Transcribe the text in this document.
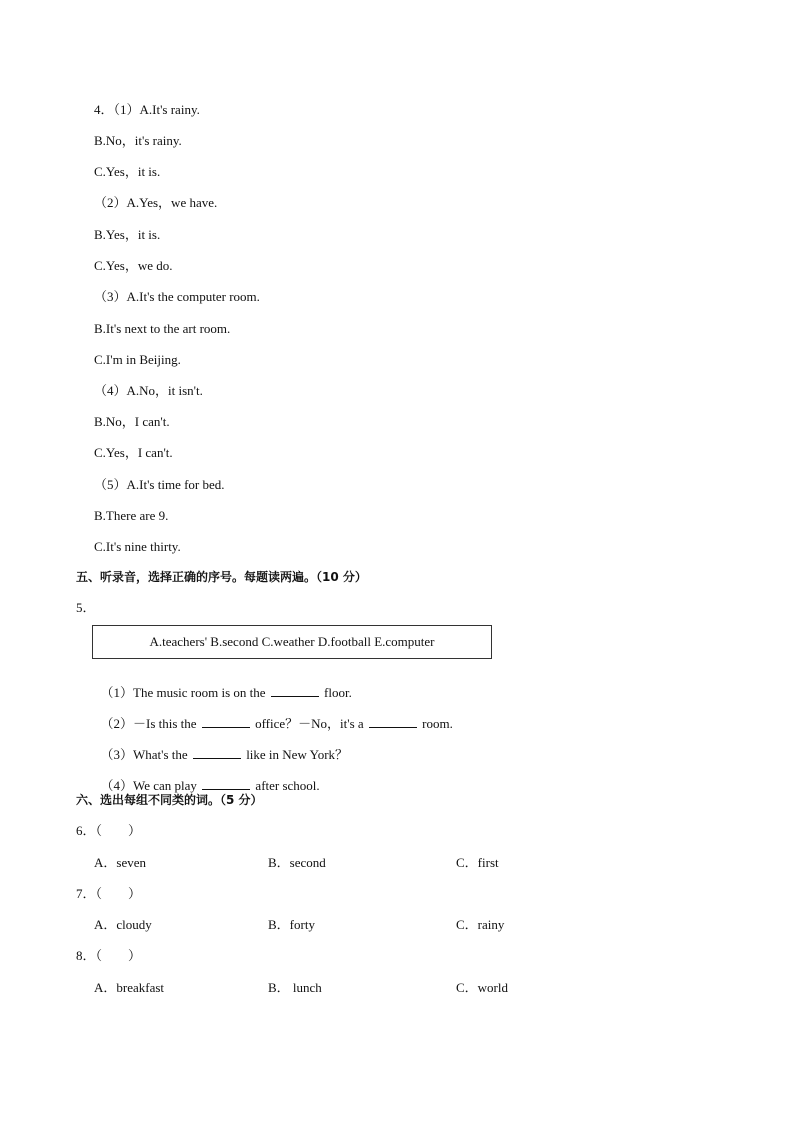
4．（1）A.It's rainy.
B.No，it's rainy.
C.Yes，it is.
（2）A.Yes，we have.
B.Yes，it is.
C.Yes，we do.
（3）A.It's the computer room.
B.It's next to the art room.
C.I'm in Beijing.
（4）A.No，it isn't.
B.No，I can't.
C.Yes，I can't.
（5）A.It's time for bed.
B.There are 9.
C.It's nine thirty.
五、听录音，选择正确的序号。每题读两遍。（10 分）
5．
A.teachers' B.second C.weather D.football E.computer

（1）The music room is on the	floor.

（2）－Is this the	office？－No，it's a	room.

（3）What's the	like in New York？

（4）We can play	after school.

六、选出每组不同类的词。（5 分）
6．（　　）
A．seven	B．second	C．first
7．（　　）
A．cloudy	B．forty	C．rainy
8．（　　）
A．breakfast	B． lunch	C．world
